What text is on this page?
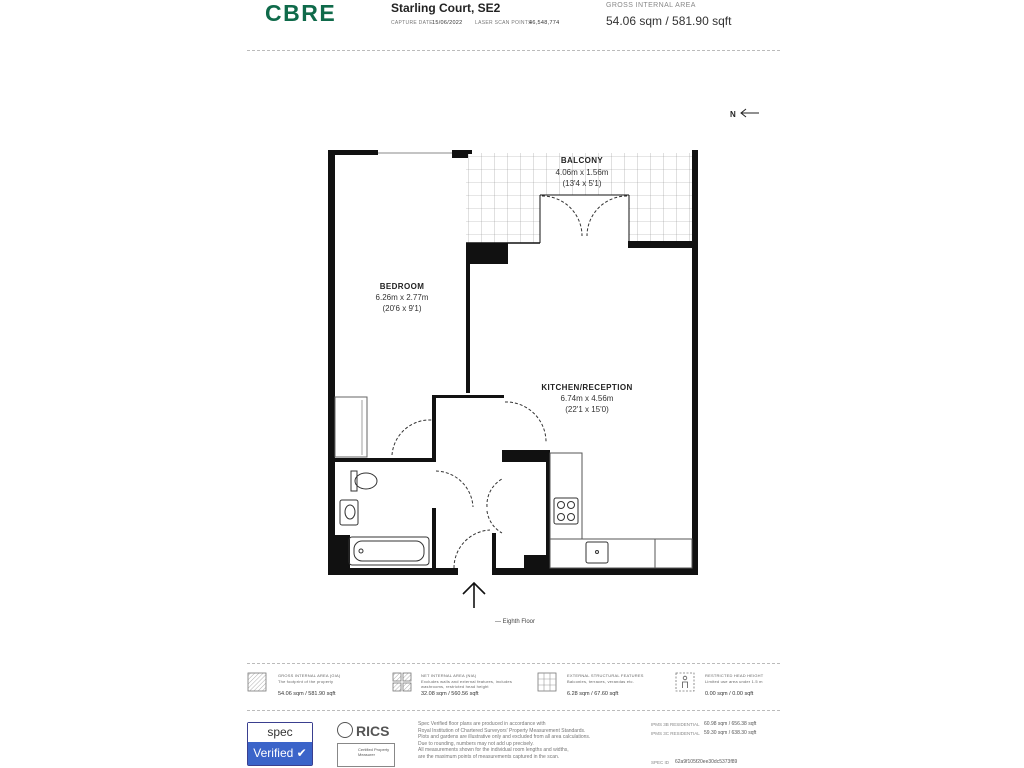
CBRE	Starling Court, SE2
CAPTURE DATE 15/06/2022 LASER SCAN POINTS
46,548,774
GROSS INTERNAL AREA
54.06 sqm / 581.90 sqft
N
BALCONY
4.06m x 1.56m
(13'4 x 5'1)
BEDROOM
6.26m x 2.77m
(20'6 x 9'1)
KITCHEN/RECEPTION
6.74m x 4.56m
(22'1 x 15'0)
— Eighth Floor
GROSS INTERNAL AREA (GIA)
The footprint of the property
54.06 sqm / 581.90 sqft
NET INTERNAL AREA (NIA)
Excludes walls and external features, includes washrooms, restricted head height
32.08 sqm / 560.56 sqft
EXTERNAL STRUCTURAL FEATURES
Balconies, terraces, verandas etc.
6.28 sqm / 67.60 sqft
RESTRICTED HEAD HEIGHT
Limited use area under 1.5 m
0.00 sqm / 0.00 sqft
spec
Verified ✔
RICS
Certified Property Measurer
Spec Verified floor plans are produced in accordance with
Royal Institution of Chartered Surveyors' Property Measurement Standards.
Plots and gardens are illustrative only and excluded from all area calculations.
Due to rounding, numbers may not add up precisely.
All measurements shown for the individual room lengths and widths,
are the maximum points of measurements captured in the scan.
IPMS 3B RESIDENTIAL 60.98 sqm / 656.38 sqft
IPMS 3C RESIDENTIAL 59.30 sqm / 638.30 sqft
SPEC ID 62a9f105f20ee30dc5373f89
